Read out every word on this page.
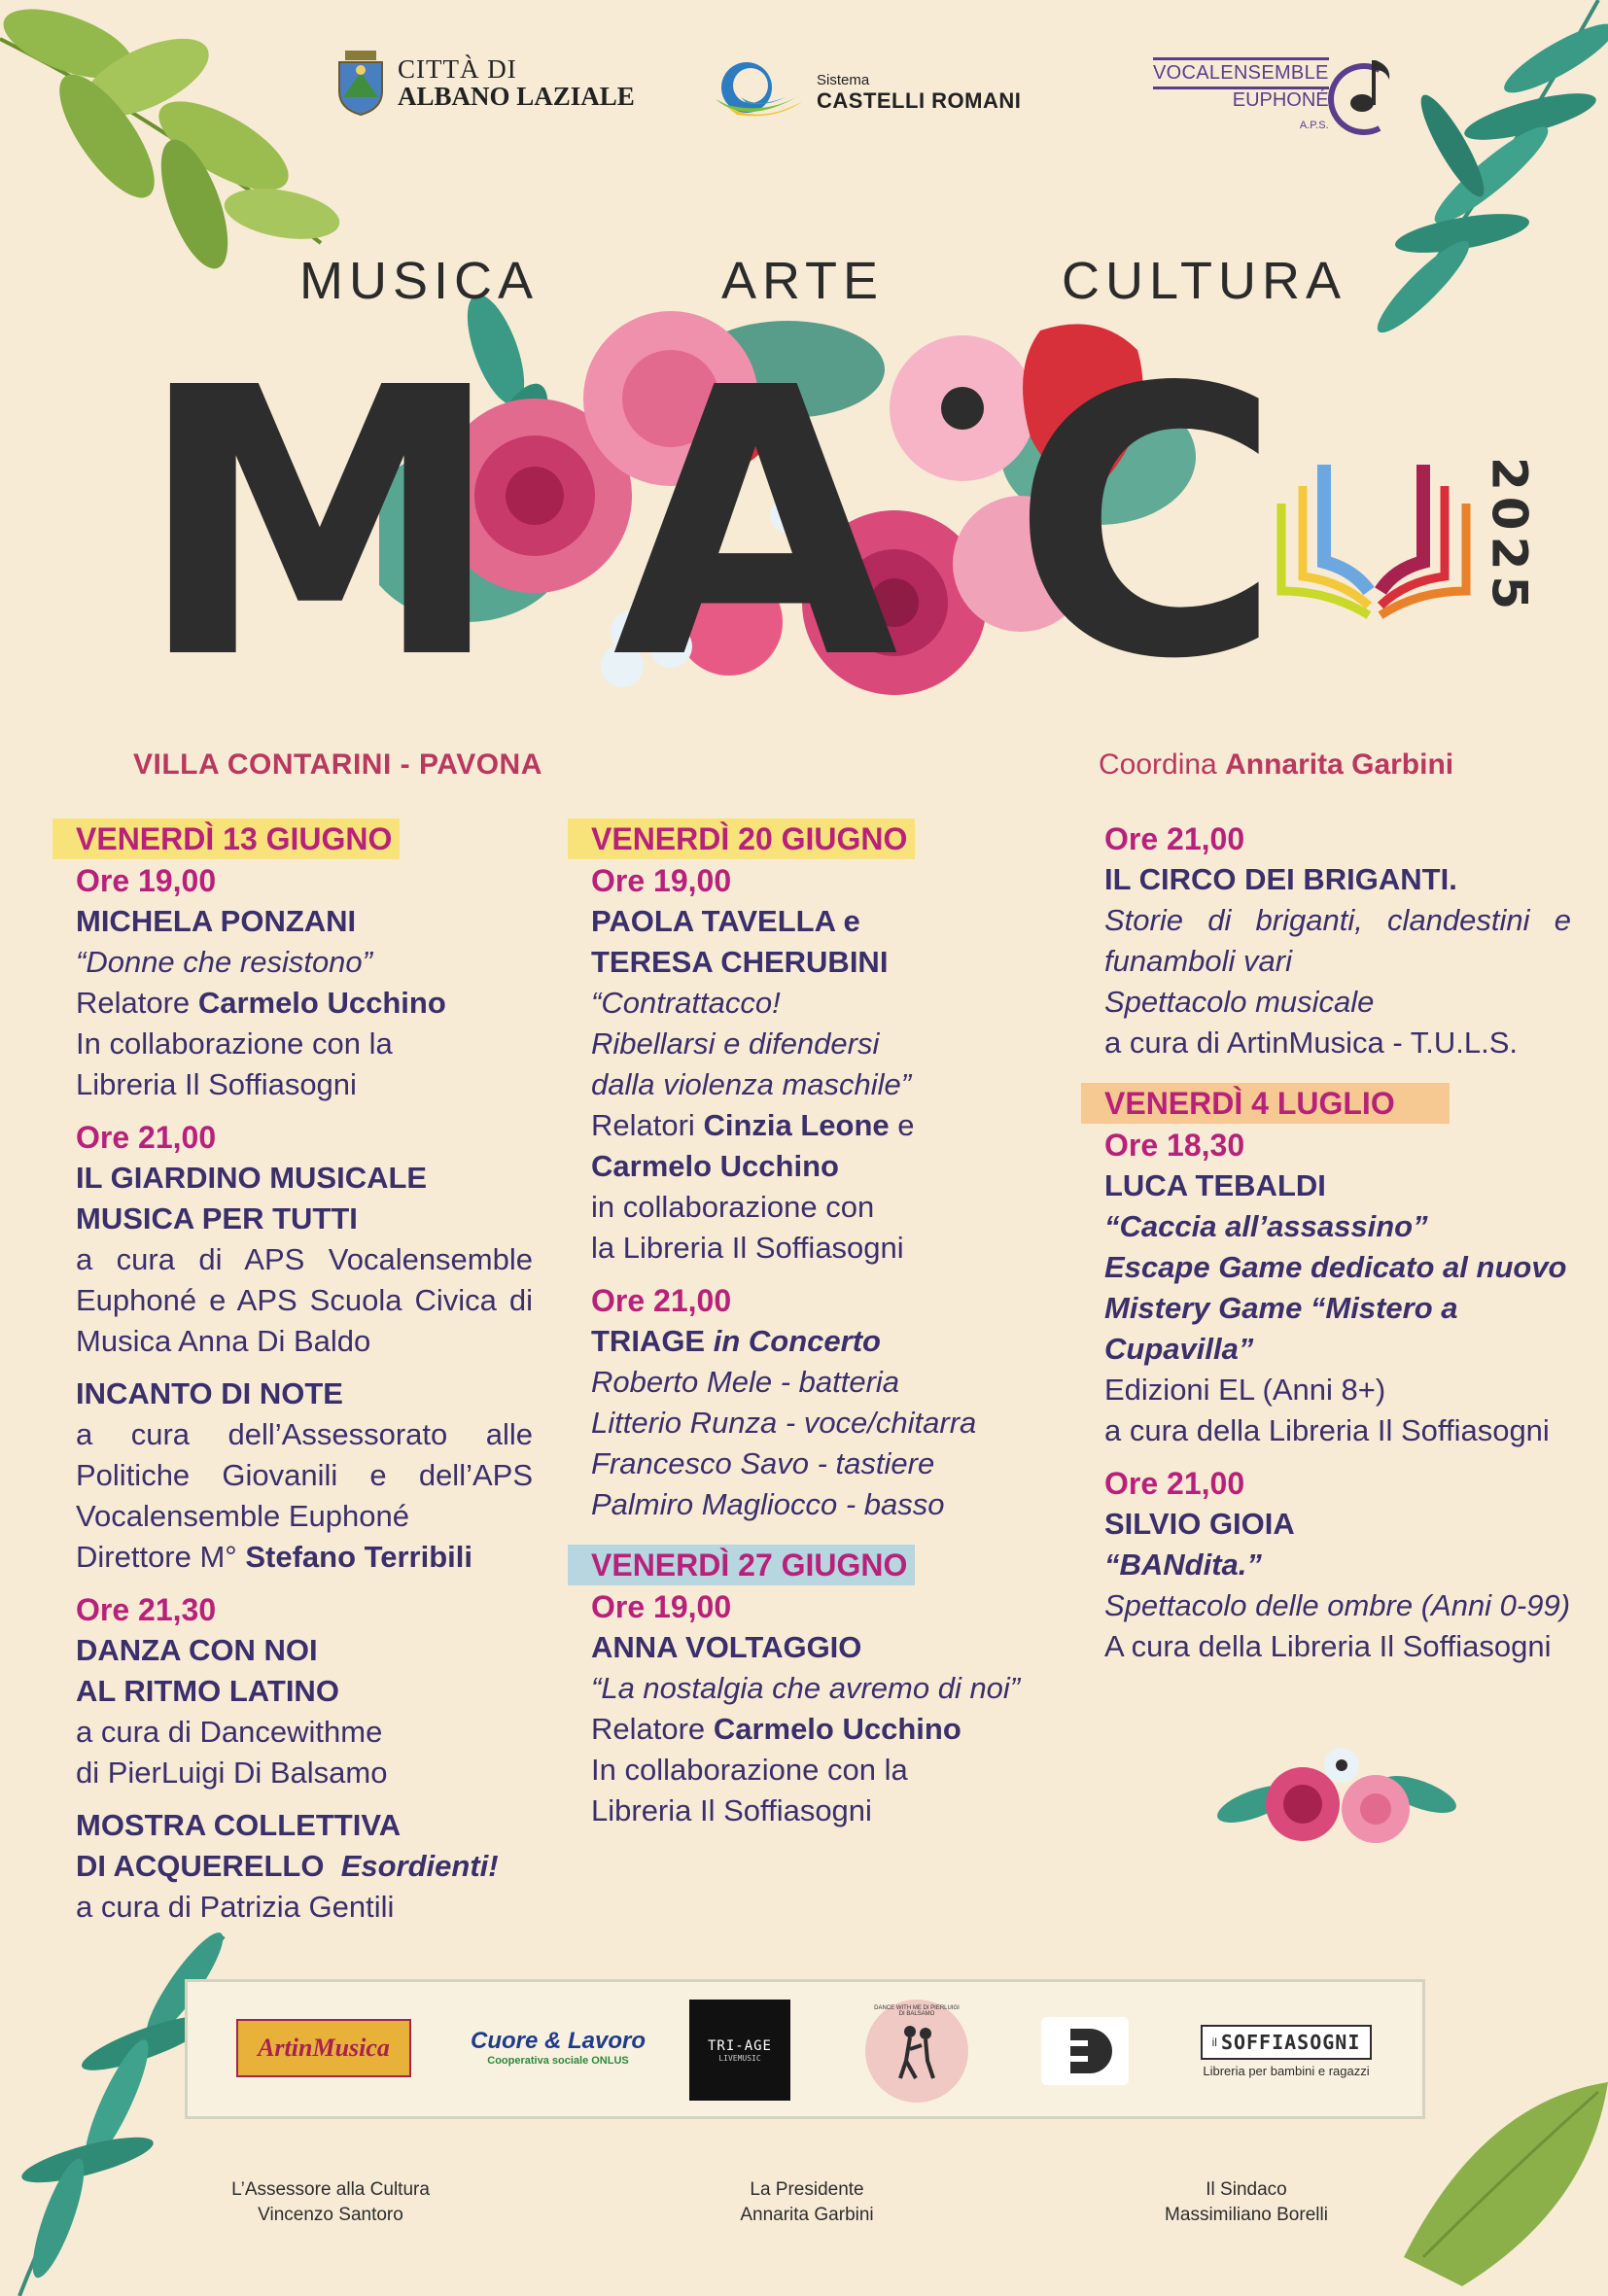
CITTÀ DI
ALBANO LAZIALE
Sistema
CASTELLI ROMANI
VOCALENSEMBLE
EUPHONÉ
A.P.S.
MUSICA	ARTE	CULTURA
M A C	2025
VILLA CONTARINI - PAVONA	Coordina Annarita Garbini
VENERDÌ 13 GIUGNO
Ore 19,00
MICHELA PONZANI
“Donne che resistono”
Relatore Carmelo Ucchino
In collaborazione con la
Libreria Il Soffiasogni
Ore 21,00
IL GIARDINO MUSICALE
MUSICA PER TUTTI
a cura di APS Vocalensemble
Euphoné e APS Scuola Civica di
Musica Anna Di Baldo
INCANTO DI NOTE
a cura dell’Assessorato alle
Politiche Giovanili e dell’APS
Vocalensemble Euphoné
Direttore M° Stefano Terribili
Ore 21,30
DANZA CON NOI
AL RITMO LATINO
a cura di Dancewithme
di PierLuigi Di Balsamo
MOSTRA COLLETTIVA
DI ACQUERELLO Esordienti!
a cura di Patrizia Gentili
VENERDÌ 20 GIUGNO
Ore 19,00
PAOLA TAVELLA e
TERESA CHERUBINI
“Contrattacco!
Ribellarsi e difendersi
dalla violenza maschile”
Relatori Cinzia Leone e
Carmelo Ucchino
in collaborazione con
la Libreria Il Soffiasogni
Ore 21,00
TRIAGE in Concerto
Roberto Mele - batteria
Litterio Runza - voce/chitarra
Francesco Savo - tastiere
Palmiro Magliocco - basso
VENERDÌ 27 GIUGNO
Ore 19,00
ANNA VOLTAGGIO
“La nostalgia che avremo di noi”
Relatore Carmelo Ucchino
In collaborazione con la
Libreria Il Soffiasogni
Ore 21,00
IL CIRCO DEI BRIGANTI.
Storie di briganti, clandestini e
funamboli vari
Spettacolo musicale
a cura di ArtinMusica - T.U.L.S.
VENERDÌ 4 LUGLIO
Ore 18,30
LUCA TEBALDI
“Caccia all’assassino”
Escape Game dedicato al nuovo
Mistery Game “Mistero a Cupavilla”
Edizioni EL (Anni 8+)
a cura della Libreria Il Soffiasogni
Ore 21,00
SILVIO GIOIA
“BANdita.”
Spettacolo delle ombre (Anni 0-99)
A cura della Libreria Il Soffiasogni
ArtinMusica	Cuore & Lavoro
Cooperativa sociale ONLUS
TRI-AGE
LIVEMUSIC
DANCE WITH ME DI PIERLUIGI DI BALSAMO
il SOFFIASOGNI
Libreria per bambini e ragazzi
L’Assessore alla Cultura
Vincenzo Santoro
La Presidente
Annarita Garbini
Il Sindaco
Massimiliano Borelli
